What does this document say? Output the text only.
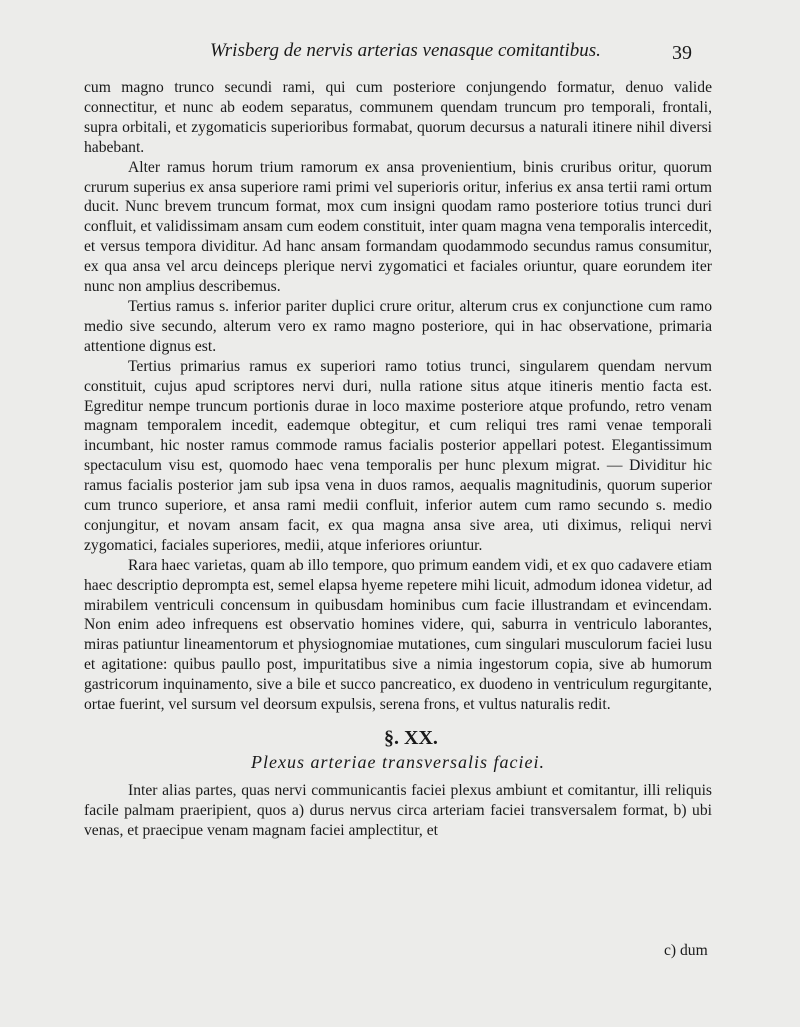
Wrisberg de nervis arterias venasque comitantibus.	39

cum magno trunco secundi rami, qui cum posteriore conjungendo formatur, denuo valide connectitur, et nunc ab eodem separatus, communem quendam truncum pro temporali, frontali, supra orbitali, et zygomaticis superioribus formabat, quorum decursus a naturali itinere nihil diversi habebant.

Alter ramus horum trium ramorum ex ansa provenientium, binis cruribus oritur, quorum crurum superius ex ansa superiore rami primi vel superioris oritur, inferius ex ansa tertii rami ortum ducit. Nunc brevem truncum format, mox cum insigni quodam ramo posteriore totius trunci duri confluit, et validissimam ansam cum eodem constituit, inter quam magna vena temporalis intercedit, et versus tempora dividitur. Ad hanc ansam formandam quodammodo secundus ramus consumitur, ex qua ansa vel arcu deinceps plerique nervi zygomatici et faciales oriuntur, quare eorundem iter nunc non amplius describemus.

Tertius ramus s. inferior pariter duplici crure oritur, alterum crus ex conjunctione cum ramo medio sive secundo, alterum vero ex ramo magno posteriore, qui in hac observatione, primaria attentione dignus est.

Tertius primarius ramus ex superiori ramo totius trunci, singularem quendam nervum constituit, cujus apud scriptores nervi duri, nulla ratione situs atque itineris mentio facta est. Egreditur nempe truncum portionis durae in loco maxime posteriore atque profundo, retro venam magnam temporalem incedit, eademque obtegitur, et cum reliqui tres rami venae temporali incumbant, hic noster ramus commode ramus facialis posterior appellari potest. Elegantissimum spectaculum visu est, quomodo haec vena temporalis per hunc plexum migrat. — Dividitur hic ramus facialis posterior jam sub ipsa vena in duos ramos, aequalis magnitudinis, quorum superior cum trunco superiore, et ansa rami medii confluit, inferior autem cum ramo secundo s. medio conjungitur, et novam ansam facit, ex qua magna ansa sive area, uti diximus, reliqui nervi zygomatici, faciales superiores, medii, atque inferiores oriuntur.

Rara haec varietas, quam ab illo tempore, quo primum eandem vidi, et ex quo cadavere etiam haec descriptio deprompta est, semel elapsa hyeme repetere mihi licuit, admodum idonea videtur, ad mirabilem ventriculi concensum in quibusdam hominibus cum facie illustrandam et evincendam. Non enim adeo infrequens est observatio homines videre, qui, saburra in ventriculo laborantes, miras patiuntur lineamentorum et physiognomiae mutationes, cum singulari musculorum faciei lusu et agitatione: quibus paullo post, impuritatibus sive a nimia ingestorum copia, sive ab humorum gastricorum inquinamento, sive a bile et succo pancreatico, ex duodeno in ventriculum regurgitante, ortae fuerint, vel sursum vel deorsum expulsis, serena frons, et vultus naturalis redit.

§. XX.
Plexus arteriae transversalis faciei.

Inter alias partes, quas nervi communicantis faciei plexus ambiunt et comitantur, illi reliquis facile palmam praeripient, quos a) durus nervus circa arteriam faciei transversalem format, b) ubi venas, et praecipue venam magnam faciei amplectitur, et

c) dum
